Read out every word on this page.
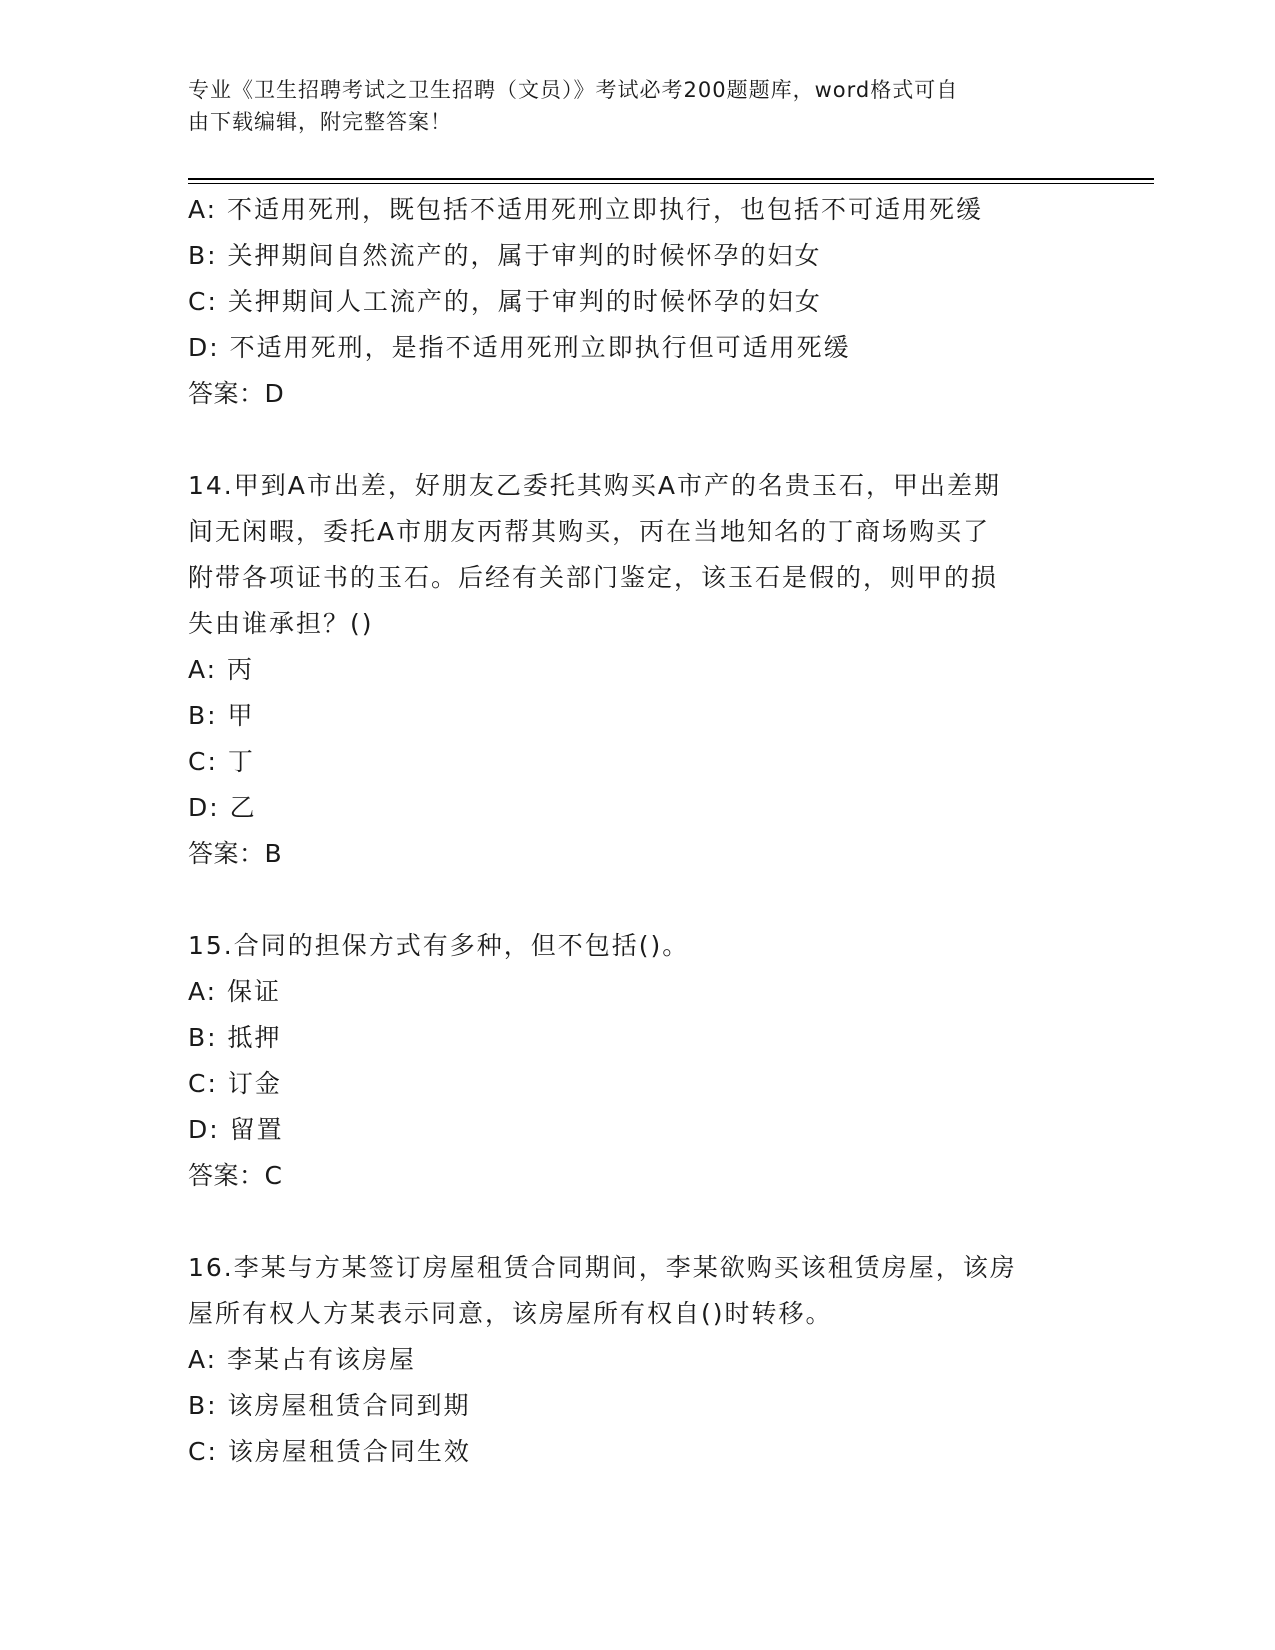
专业《卫生招聘考试之卫生招聘（文员）》考试必考200题题库，word格式可自
由下载编辑，附完整答案！
A: 不适用死刑，既包括不适用死刑立即执行，也包括不可适用死缓
B: 关押期间自然流产的，属于审判的时候怀孕的妇女
C: 关押期间人工流产的，属于审判的时候怀孕的妇女
D: 不适用死刑，是指不适用死刑立即执行但可适用死缓
答案：D
14.甲到A市出差，好朋友乙委托其购买A市产的名贵玉石，甲出差期
间无闲暇，委托A市朋友丙帮其购买，丙在当地知名的丁商场购买了
附带各项证书的玉石。后经有关部门鉴定，该玉石是假的，则甲的损
失由谁承担？()
A: 丙
B: 甲
C: 丁
D: 乙
答案：B
15.合同的担保方式有多种，但不包括()。
A: 保证
B: 抵押
C: 订金
D: 留置
答案：C
16.李某与方某签订房屋租赁合同期间，李某欲购买该租赁房屋，该房
屋所有权人方某表示同意，该房屋所有权自()时转移。
A: 李某占有该房屋
B: 该房屋租赁合同到期
C: 该房屋租赁合同生效
